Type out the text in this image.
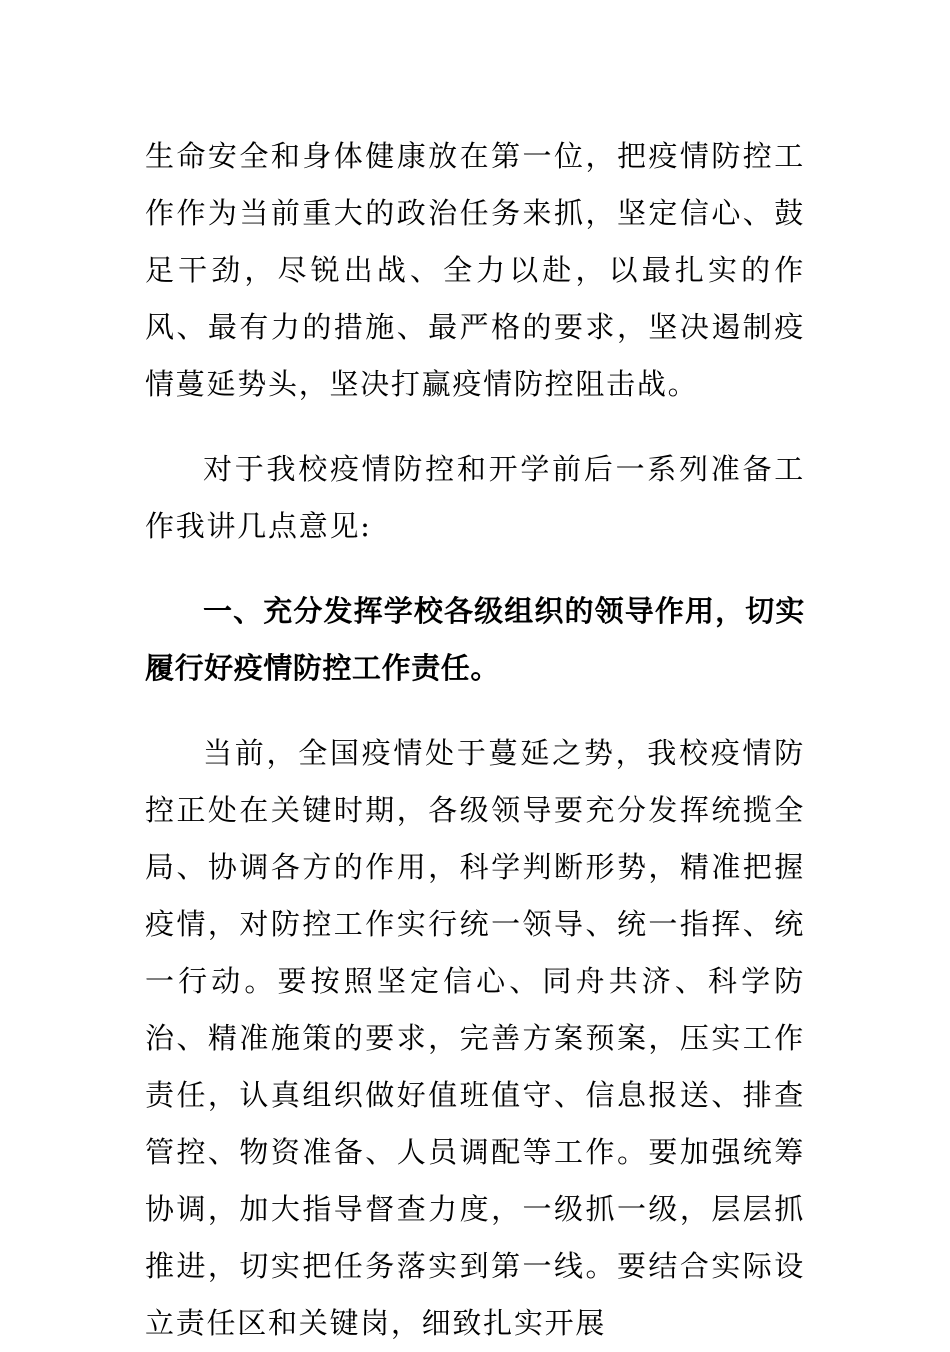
生命安全和身体健康放在第一位，把疫情防控工作作为当前重大的政治任务来抓，坚定信心、鼓足干劲，尽锐出战、全力以赴，以最扎实的作风、最有力的措施、最严格的要求，坚决遏制疫情蔓延势头，坚决打赢疫情防控阻击战。

对于我校疫情防控和开学前后一系列准备工作我讲几点意见:

一、充分发挥学校各级组织的领导作用，切实履行好疫情防控工作责任。

当前，全国疫情处于蔓延之势，我校疫情防控正处在关键时期，各级领导要充分发挥统揽全局、协调各方的作用，科学判断形势，精准把握疫情，对防控工作实行统一领导、统一指挥、统一行动。要按照坚定信心、同舟共济、科学防治、精准施策的要求，完善方案预案，压实工作责任，认真组织做好值班值守、信息报送、排查管控、物资准备、人员调配等工作。要加强统筹协调，加大指导督查力度，一级抓一级，层层抓推进，切实把任务落实到第一线。要结合实际设立责任区和关键岗，细致扎实开展
